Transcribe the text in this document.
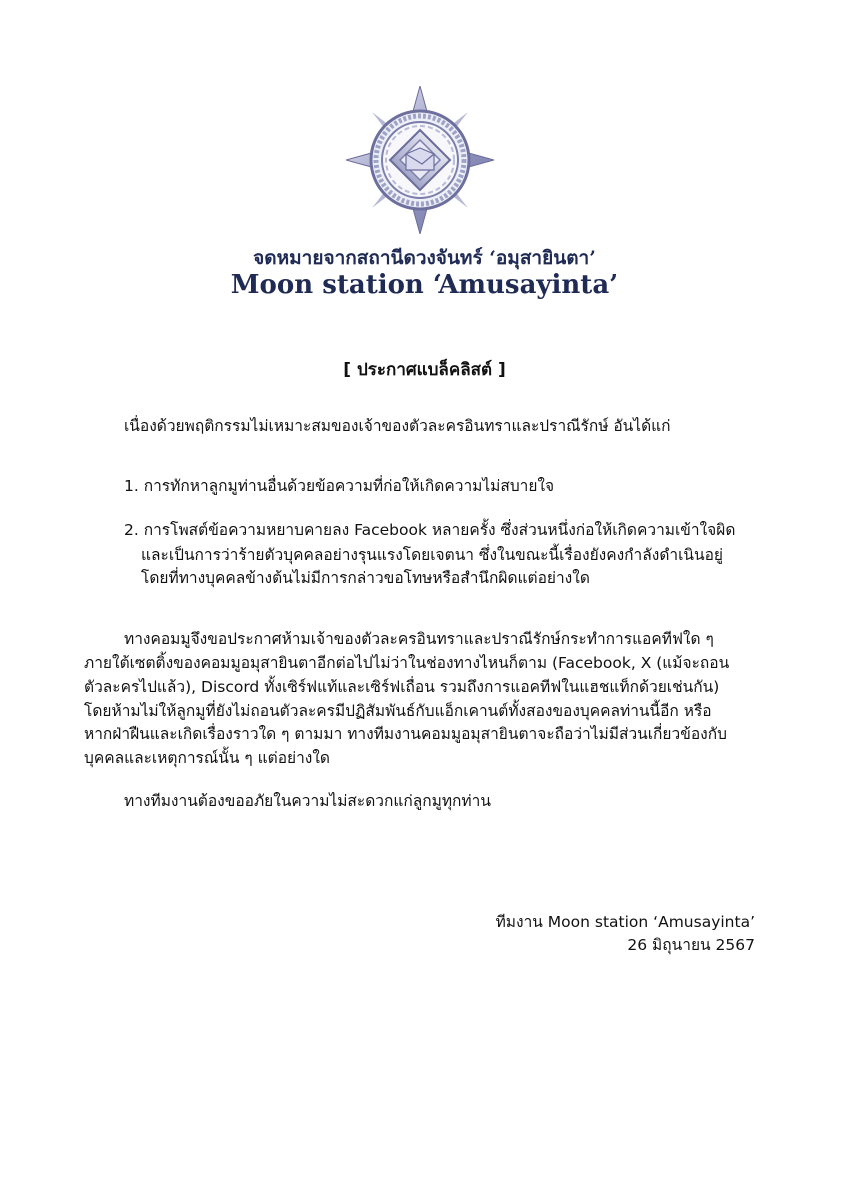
จดหมายจากสถานีดวงจันทร์ ‘อมุสายินตา’
Moon station ‘Amusayinta’
[ ประกาศแบล็คลิสต์ ]
เนื่องด้วยพฤติกรรมไม่เหมาะสมของเจ้าของตัวละครอินทราและปราณีรักษ์ อันได้แก่
1. การทักหาลูกมูท่านอื่นด้วยข้อความที่ก่อให้เกิดความไม่สบายใจ
2. การโพสต์ข้อความหยาบคายลง Facebook หลายครั้ง ซึ่งส่วนหนึ่งก่อให้เกิดความเข้าใจผิด
และเป็นการว่าร้ายตัวบุคคลอย่างรุนแรงโดยเจตนา ซึ่งในขณะนี้เรื่องยังคงกำลังดำเนินอยู่
โดยที่ทางบุคคลข้างต้นไม่มีการกล่าวขอโทษหรือสำนึกผิดแต่อย่างใด
ทางคอมมูจึงขอประกาศห้ามเจ้าของตัวละครอินทราและปราณีรักษ์กระทำการแอคทีฟใด ๆ
ภายใต้เซตติ้งของคอมมูอมุสายินตาอีกต่อไปไม่ว่าในช่องทางไหนก็ตาม (Facebook, X (แม้จะถอน
ตัวละครไปแล้ว), Discord ทั้งเซิร์ฟแท้และเซิร์ฟเถื่อน รวมถึงการแอคทีฟในแฮชแท็กด้วยเช่นกัน)
โดยห้ามไม่ให้ลูกมูที่ยังไม่ถอนตัวละครมีปฏิสัมพันธ์กับแอ็กเคานต์ทั้งสองของบุคคลท่านนี้อีก หรือ
หากฝ่าฝืนและเกิดเรื่องราวใด ๆ ตามมา ทางทีมงานคอมมูอมุสายินตาจะถือว่าไม่มีส่วนเกี่ยวข้องกับ
บุคคลและเหตุการณ์นั้น ๆ แต่อย่างใด
ทางทีมงานต้องขออภัยในความไม่สะดวกแก่ลูกมูทุกท่าน
ทีมงาน Moon station ‘Amusayinta’
26 มิถุนายน 2567
